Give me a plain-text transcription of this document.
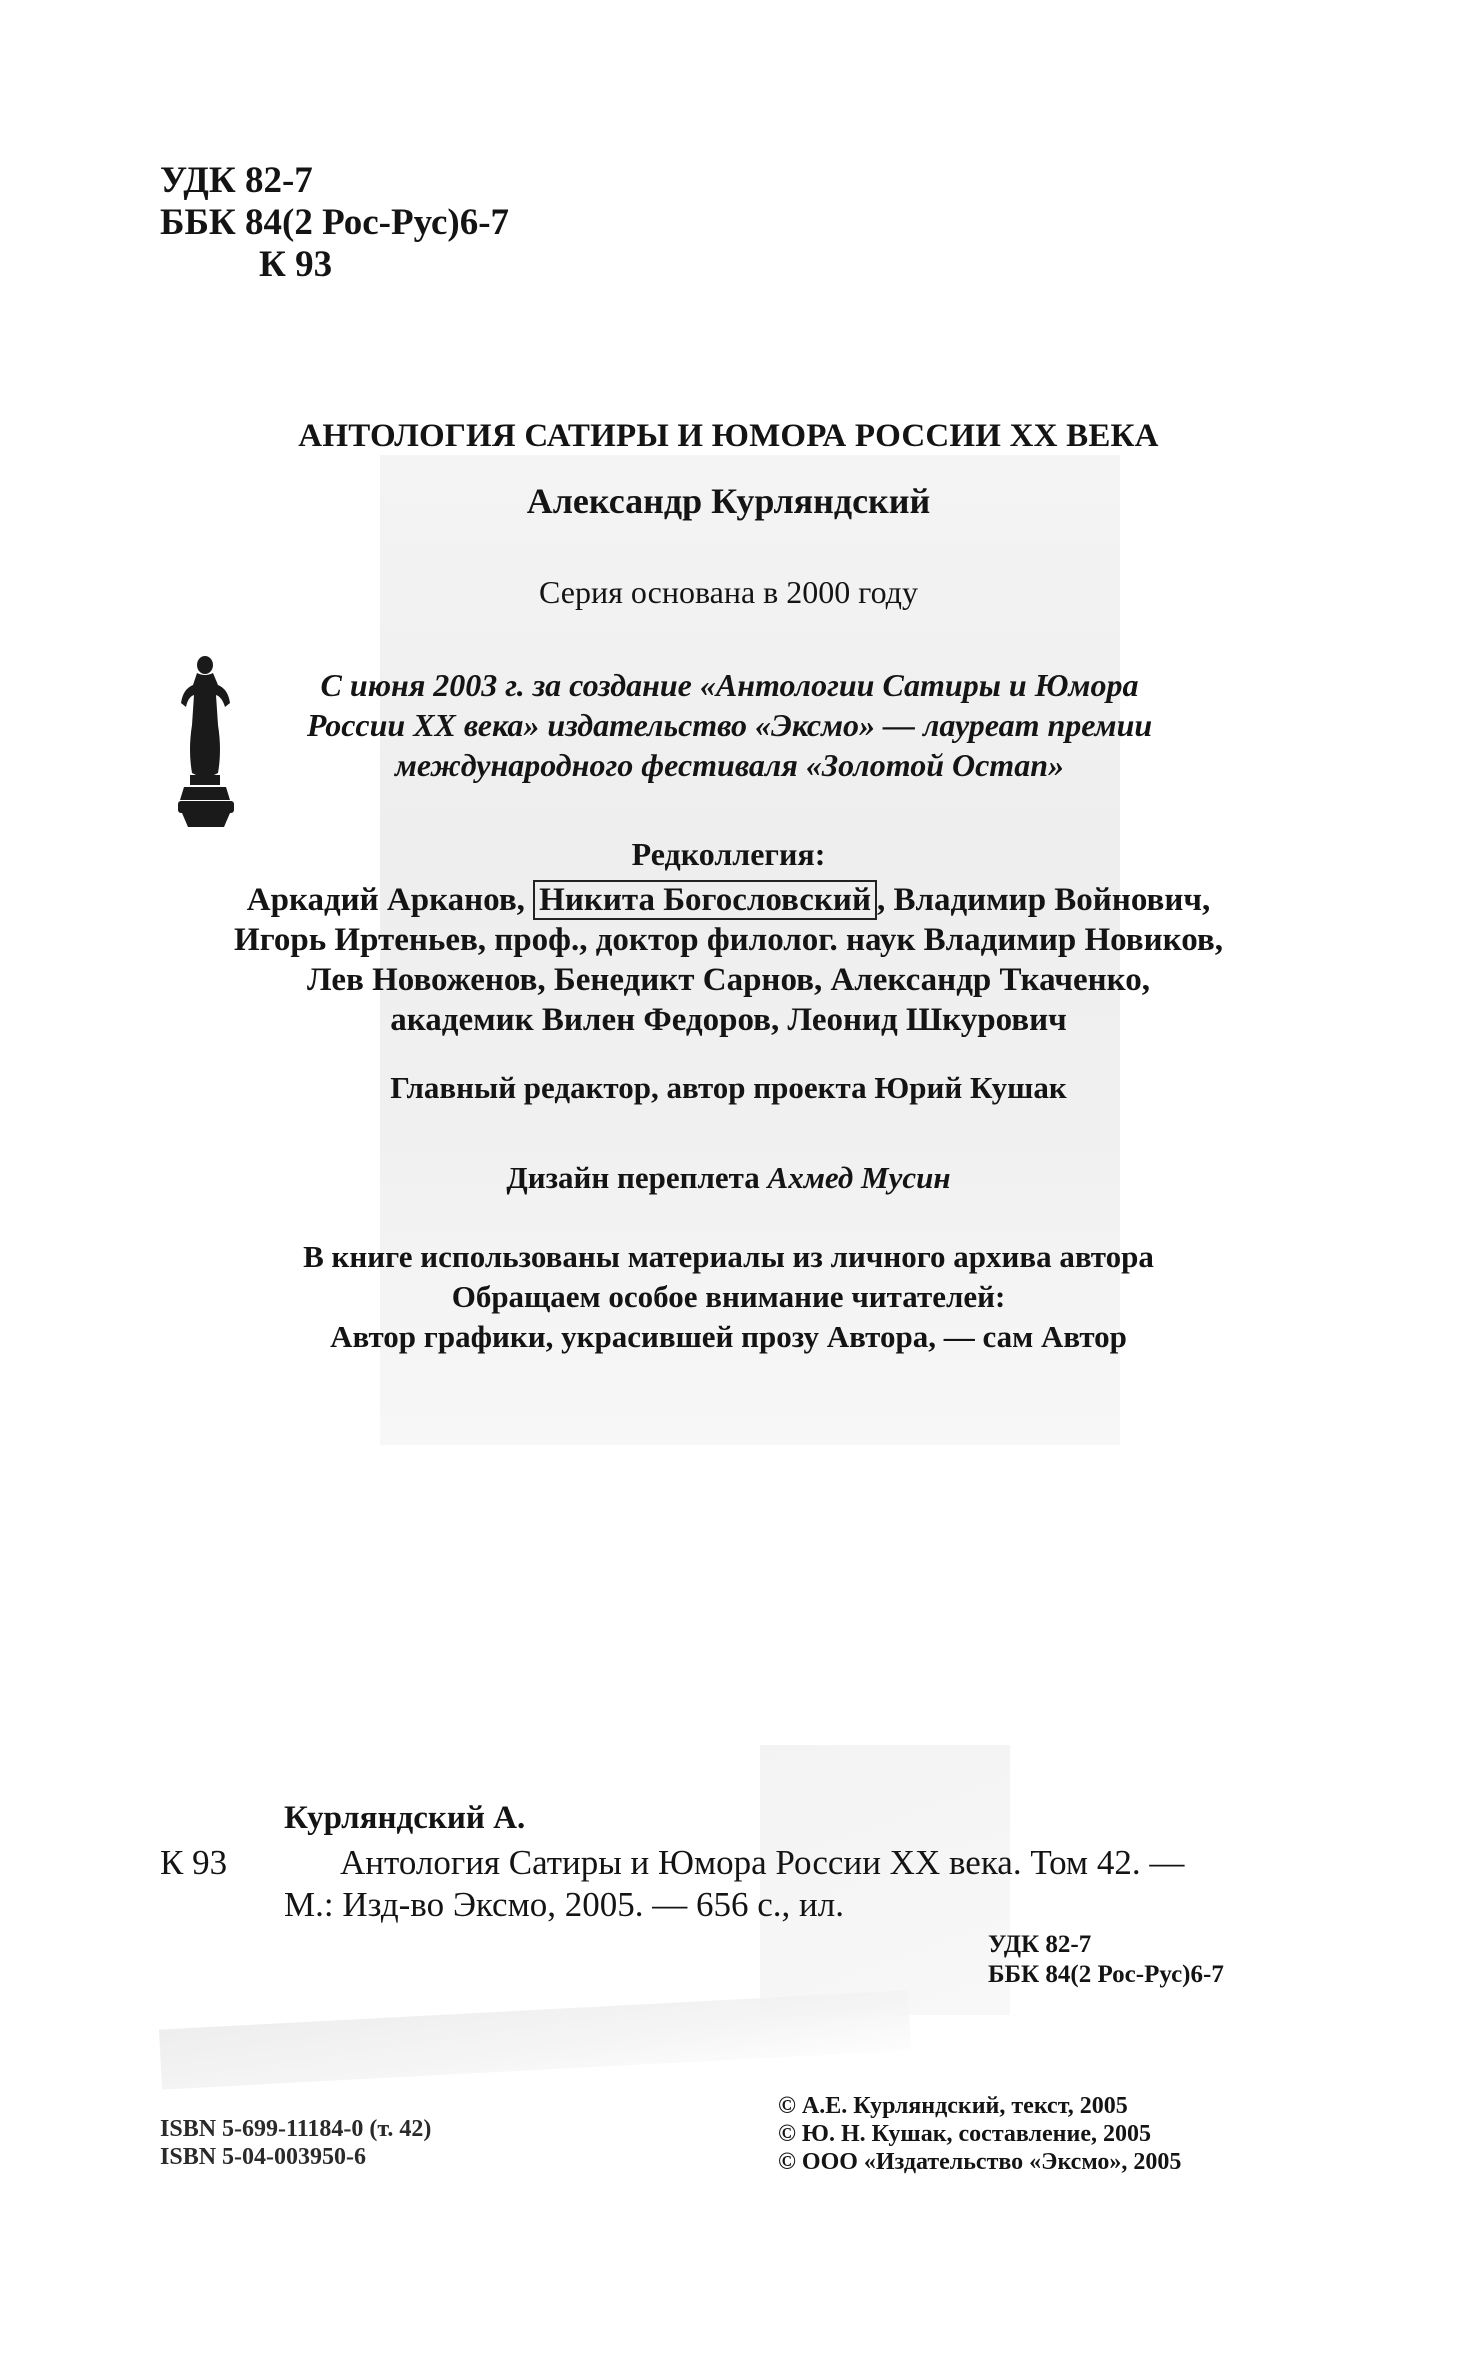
УДК 82-7
ББК 84(2 Рос-Рус)6-7
К 93
АНТОЛОГИЯ САТИРЫ И ЮМОРА РОССИИ XX ВЕКА
Александр Курляндский
Серия основана в 2000 году
С июня 2003 г. за создание «Антологии Сатиры и Юмора
России XX века» издательство «Эксмо» — лауреат премии
международного фестиваля «Золотой Остап»
Редколлегия:
Аркадий Арканов, Никита Богословский , Владимир Войнович,
Игорь Иртеньев, проф., доктор филолог. наук Владимир Новиков,
Лев Новоженов, Бенедикт Сарнов, Александр Ткаченко,
академик Вилен Федоров, Леонид Шкурович
Главный редактор, автор проекта Юрий Кушак
Дизайн переплета Ахмед Мусин
В книге использованы материалы из личного архива автора
Обращаем особое внимание читателей:
Автор графики, украсившей прозу Автора, — сам Автор
Курляндский А.
К 93	Антология Сатиры и Юмора России XX века. Том 42. —
М.: Изд-во Эксмо, 2005. — 656 с., ил.
УДК 82-7
ББК 84(2 Рос-Рус)6-7
ISBN 5-699-11184-0 (т. 42)
ISBN 5-04-003950-6
© А.Е. Курляндский, текст, 2005
© Ю. Н. Кушак, составление, 2005
© ООО «Издательство «Эксмо», 2005
